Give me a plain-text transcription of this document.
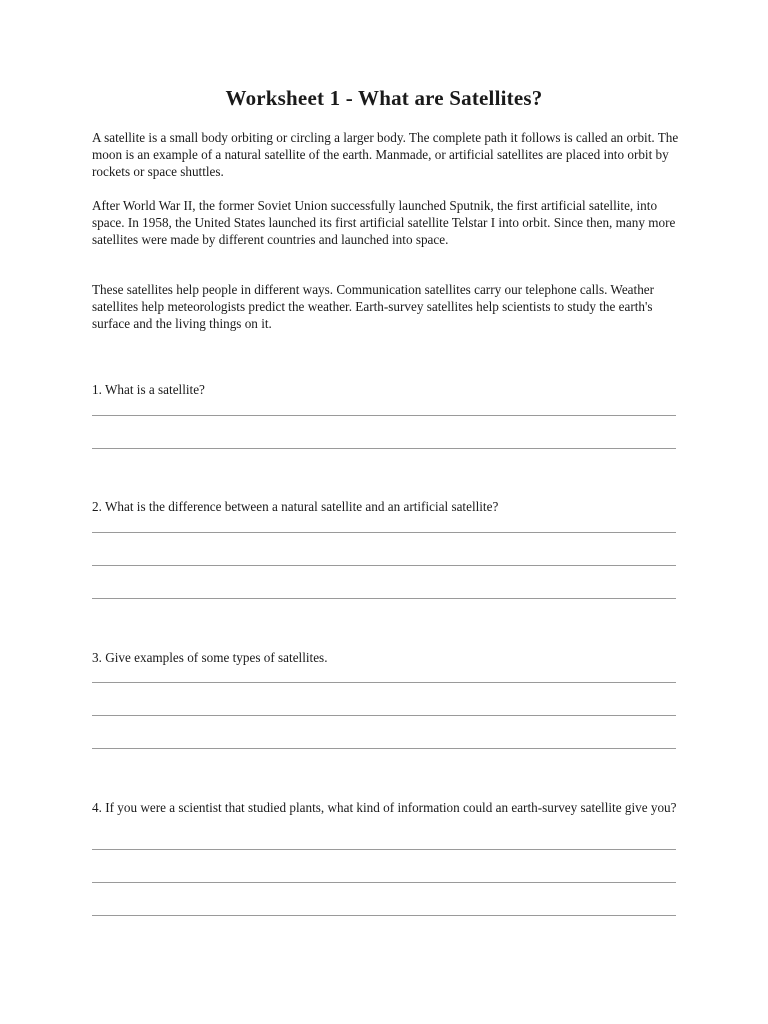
Worksheet 1 - What are Satellites?

A satellite is a small body orbiting or circling a larger body. The complete path it follows is called an orbit. The moon is an example of a natural satellite of the earth. Manmade, or artificial satellites are placed into orbit by rockets or space shuttles.

After World War II, the former Soviet Union successfully launched Sputnik, the first artificial satellite, into space. In 1958, the United States launched its first artificial satellite Telstar I into orbit. Since then, many more satellites were made by different countries and launched into space.

These satellites help people in different ways. Communication satellites carry our telephone calls. Weather satellites help meteorologists predict the weather. Earth-survey satellites help scientists to study the earth's surface and the living things on it.

1. What is a satellite?
2. What is the difference between a natural satellite and an artificial satellite?
3. Give examples of some types of satellites.
4. If you were a scientist that studied plants, what kind of information could an earth-survey satellite give you?
